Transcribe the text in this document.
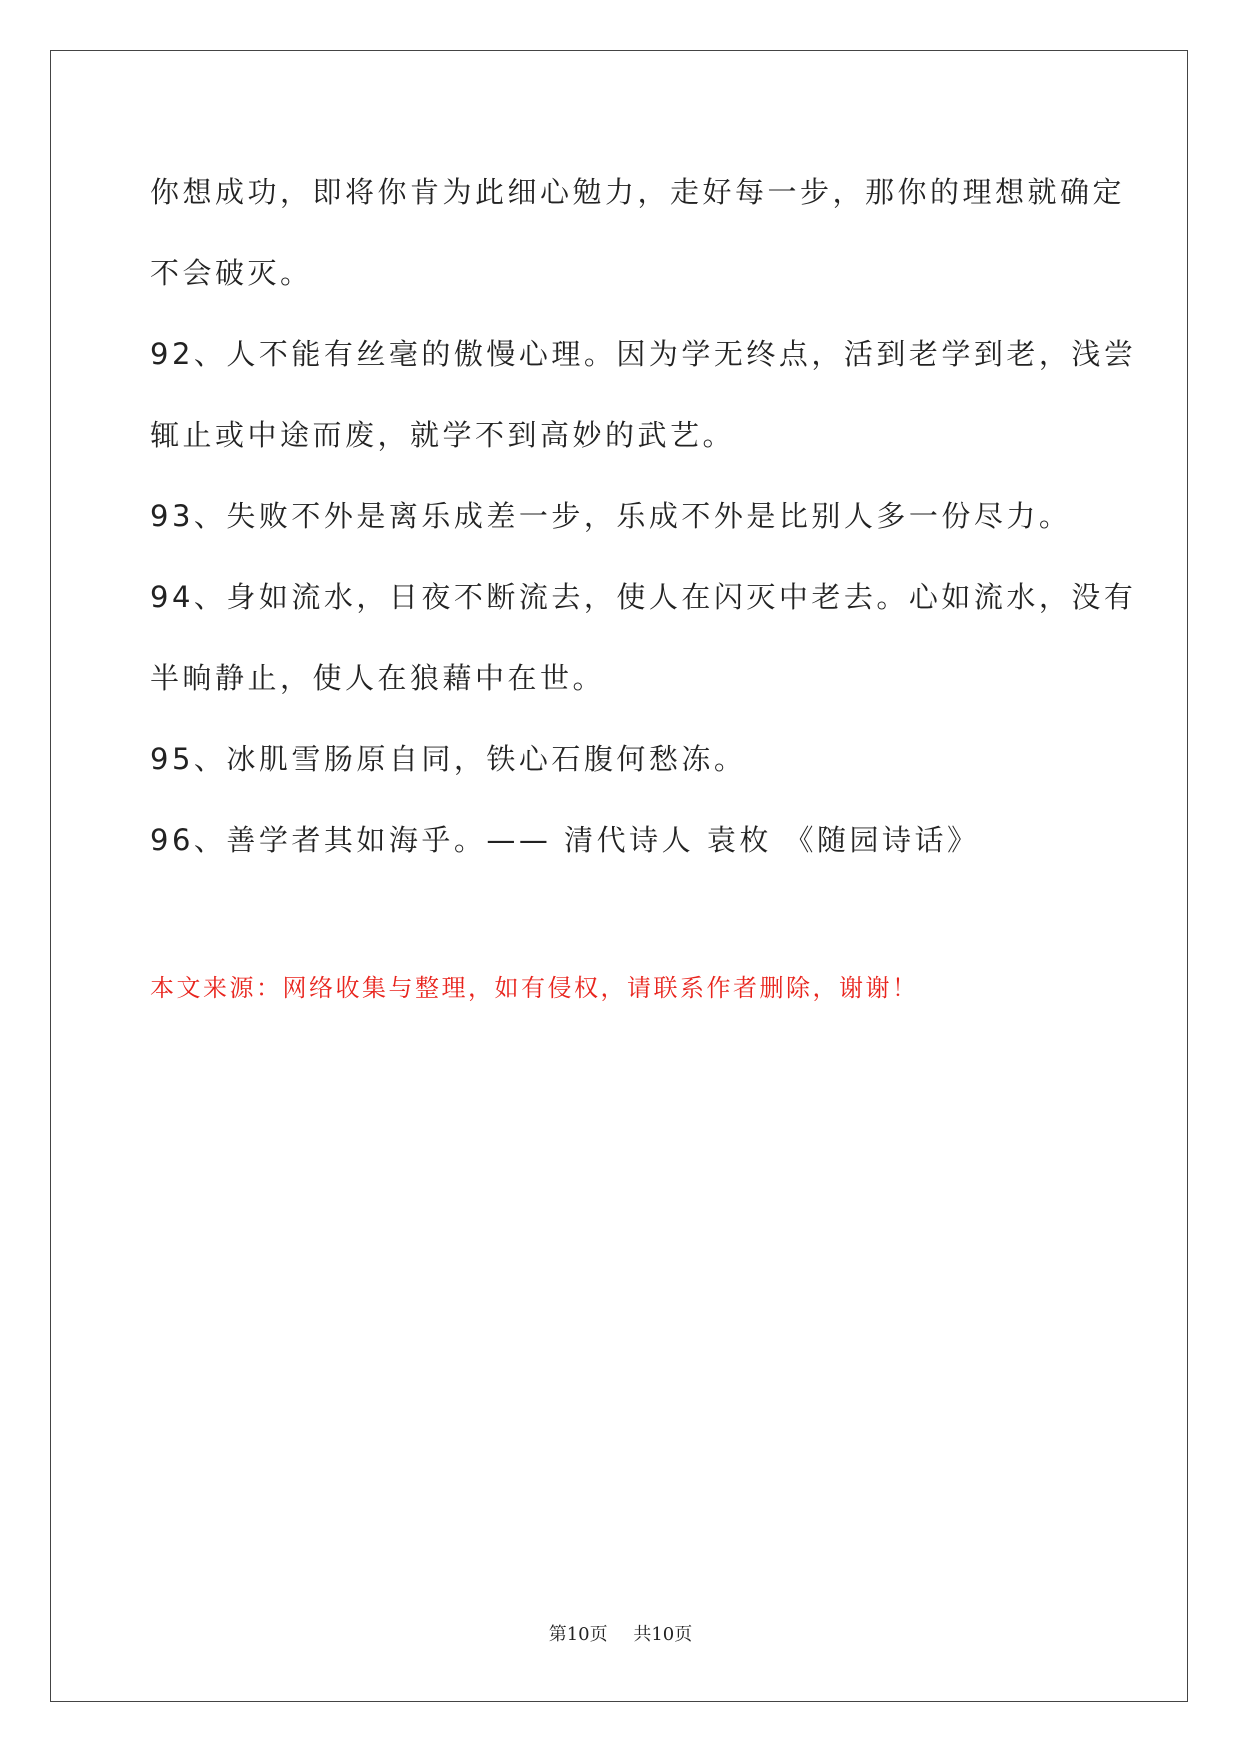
你想成功，即将你肯为此细心勉力，走好每一步，那你的理想就确定
不会破灭。
92、人不能有丝毫的傲慢心理。因为学无终点，活到老学到老，浅尝
辄止或中途而废，就学不到高妙的武艺。
93、失败不外是离乐成差一步，乐成不外是比别人多一份尽力。
94、身如流水，日夜不断流去，使人在闪灭中老去。心如流水，没有
半晌静止，使人在狼藉中在世。
95、冰肌雪肠原自同，铁心石腹何愁冻。
96、善学者其如海乎。—— 清代诗人 袁枚 《随园诗话》
本文来源：网络收集与整理，如有侵权，请联系作者删除，谢谢！
第10页 共10页
